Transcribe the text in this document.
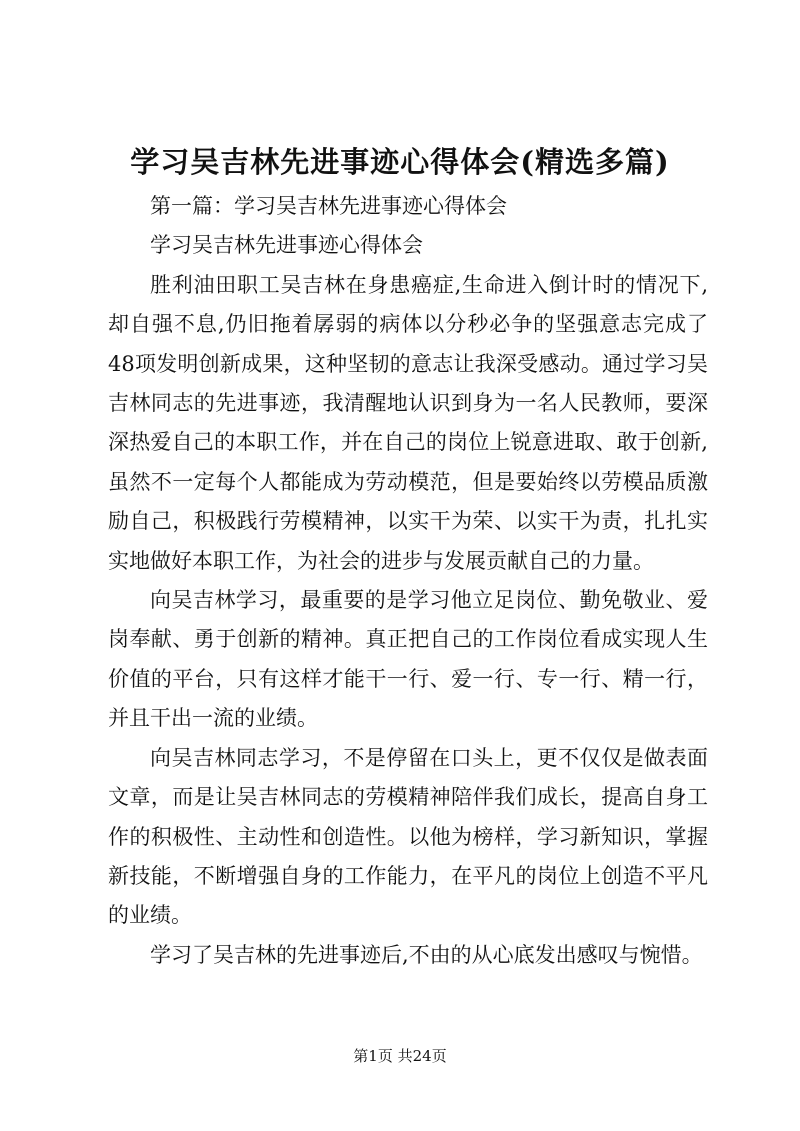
学习吴吉林先进事迹心得体会(精选多篇)

第一篇：学习吴吉林先进事迹心得体会

学习吴吉林先进事迹心得体会

胜利油田职工吴吉林在身患癌症,生命进入倒计时的情况下,却自强不息,仍旧拖着孱弱的病体以分秒必争的坚强意志完成了48项发明创新成果，这种坚韧的意志让我深受感动。通过学习吴吉林同志的先进事迹，我清醒地认识到身为一名人民教师，要深深热爱自己的本职工作，并在自己的岗位上锐意进取、敢于创新,虽然不一定每个人都能成为劳动模范，但是要始终以劳模品质激励自己，积极践行劳模精神，以实干为荣、以实干为责，扎扎实实地做好本职工作，为社会的进步与发展贡献自己的力量。

向吴吉林学习，最重要的是学习他立足岗位、勤免敬业、爱岗奉献、勇于创新的精神。真正把自己的工作岗位看成实现人生价值的平台，只有这样才能干一行、爱一行、专一行、精一行，并且干出一流的业绩。

向吴吉林同志学习，不是停留在口头上，更不仅仅是做表面文章，而是让吴吉林同志的劳模精神陪伴我们成长，提高自身工作的积极性、主动性和创造性。以他为榜样，学习新知识，掌握新技能，不断增强自身的工作能力，在平凡的岗位上创造不平凡的业绩。

学习了吴吉林的先进事迹后,不由的从心底发出感叹与惋惜。

第1页 共24页
